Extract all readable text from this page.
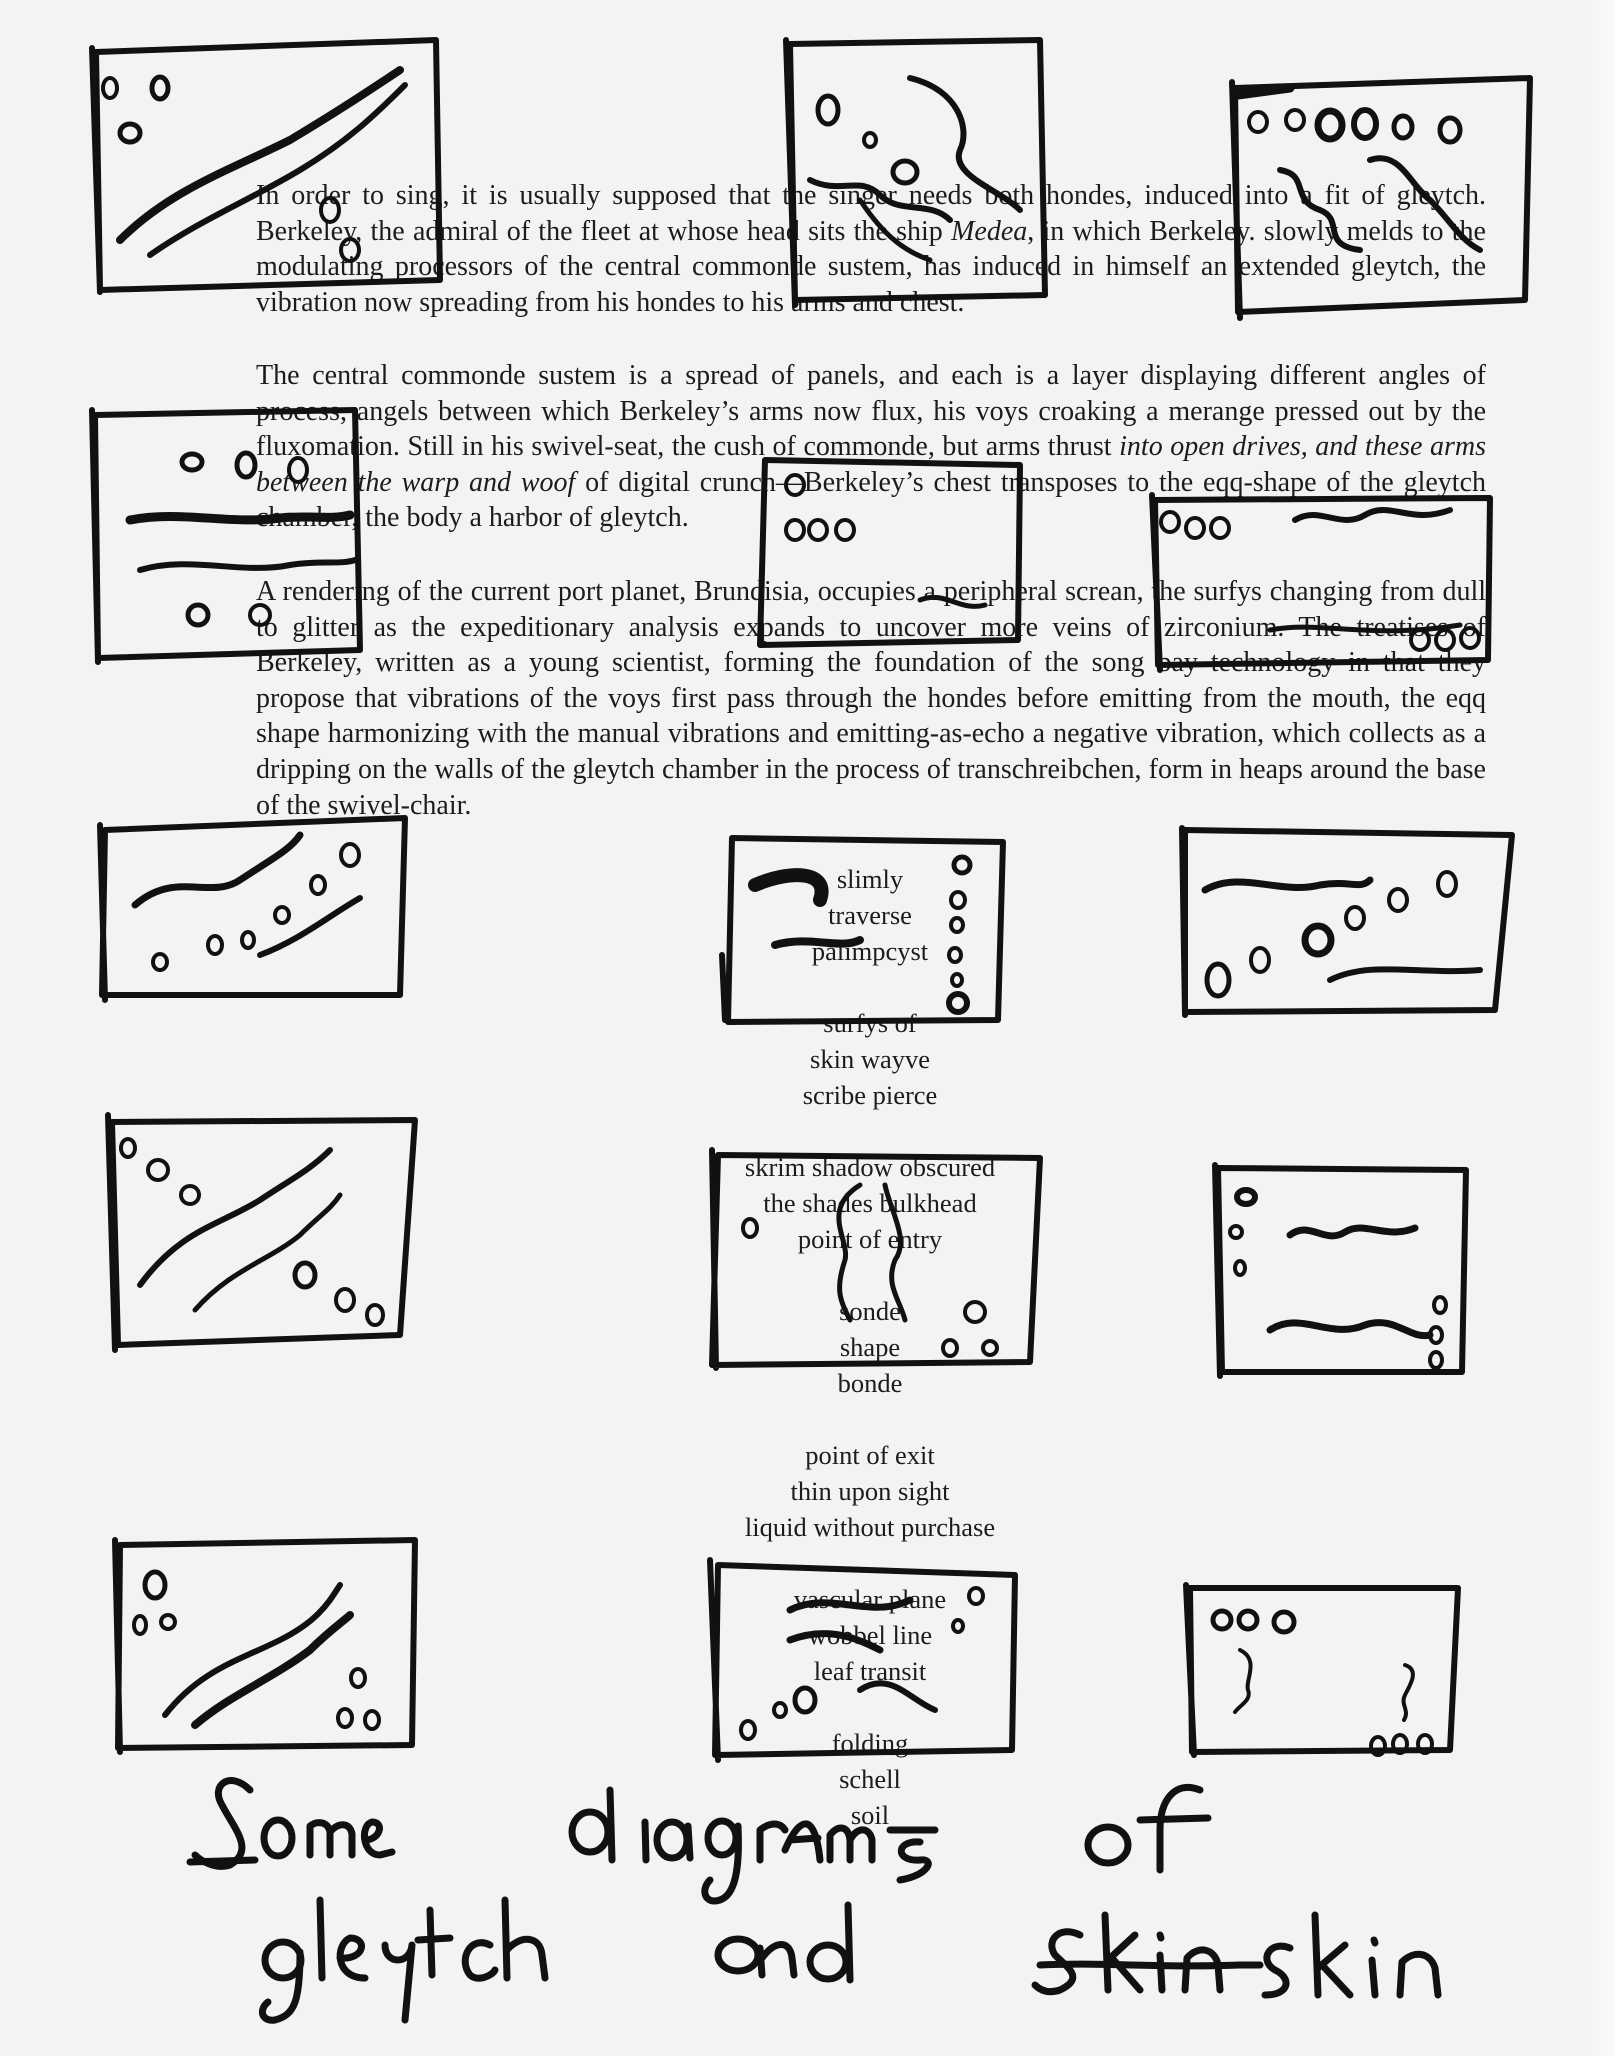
In order to sing, it is usually supposed that the singer needs both hondes, induced into a fit of gleytch. Berkeley, the admiral of the fleet at whose head sits the ship Medea, in which Berkeley. slowly melds to the modulating processors of the central commonde sustem, has induced in himself an extended gleytch, the vibration now spreading from his hondes to his arms and chest.
The central commonde sustem is a spread of panels, and each is a layer displaying different angles of process, angels between which Berkeley’s arms now flux, his voys croaking a merange pressed out by the fluxomation. Still in his swivel-seat, the cush of commonde, but arms thrust into open drives, and these arms between the warp and woof of digital crunch—Berkeley’s chest transposes to the eqq-shape of the gleytch chamber, the body a harbor of gleytch.
A rendering of the current port planet, Brundisia, occupies a peripheral screan, the surfys changing from dull to glitter as the expeditionary analysis expands to uncover more veins of zirconium. The treatises of Berkeley, written as a young scientist, forming the foundation of the song bay technology in that they propose that vibrations of the voys first pass through the hondes before emitting from the mouth, the eqq shape harmonizing with the manual vibrations and emitting-as-echo a negative vibration, which collects as a dripping on the walls of the gleytch chamber in the process of transchreibchen, form in heaps around the base of the swivel-chair.
slimly
traverse
palimpcyst

surfys of
skin wayve
scribe pierce

skrim shadow obscured
the shades bulkhead
point of entry

sonde
shape
bonde

point of exit
thin upon sight
liquid without purchase

vascular plane
wobbel line
leaf transit

folding
schell
soil
